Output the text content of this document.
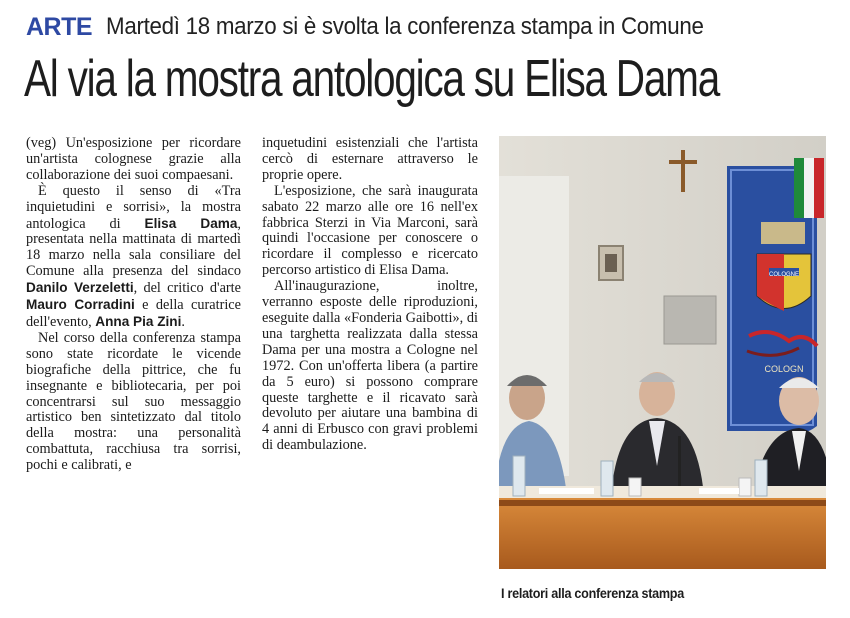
ARTE Martedì 18 marzo si è svolta la conferenza stampa in Comune
Al via la mostra antologica su Elisa Dama

(veg) Un'esposizione per ricordare un'artista colognese grazie alla collaborazione dei suoi compaesani.

È questo il senso di «Tra inquietudini e sorrisi», la mostra antologica di Elisa Dama, presentata nella mattinata di martedì 18 marzo nella sala consiliare del Comune alla presenza del sindaco Danilo Verzeletti, del critico d'arte Mauro Corradini e della curatrice dell'evento, Anna Pia Zini.

Nel corso della conferenza stampa sono state ricordate le vicende biografiche della pittrice, che fu insegnante e bibliotecaria, per poi concentrarsi sul suo messaggio artistico ben sintetizzato dal titolo della mostra: una personalità combattuta, racchiusa tra sorrisi, pochi e calibrati, e

inquetudini esistenziali che l'artista cercò di esternare attraverso le proprie opere.

L'esposizione, che sarà inaugurata sabato 22 marzo alle ore 16 nell'ex fabbrica Sterzi in Via Marconi, sarà quindi l'occasione per conoscere o ricordare il complesso e ricercato percorso artistico di Elisa Dama.

All'inaugurazione, inoltre, verranno esposte delle riproduzioni, eseguite dalla «Fonderia Gaibotti», di una targhetta realizzata dalla stessa Dama per una mostra a Cologne nel 1972. Con un'offerta libera (a partire da 5 euro) si possono comprare queste targhette e il ricavato sarà devoluto per aiutare una bambina di 4 anni di Erbusco con gravi problemi di deambulazione.

COLOGNE
COLOGN
I relatori alla conferenza stampa
